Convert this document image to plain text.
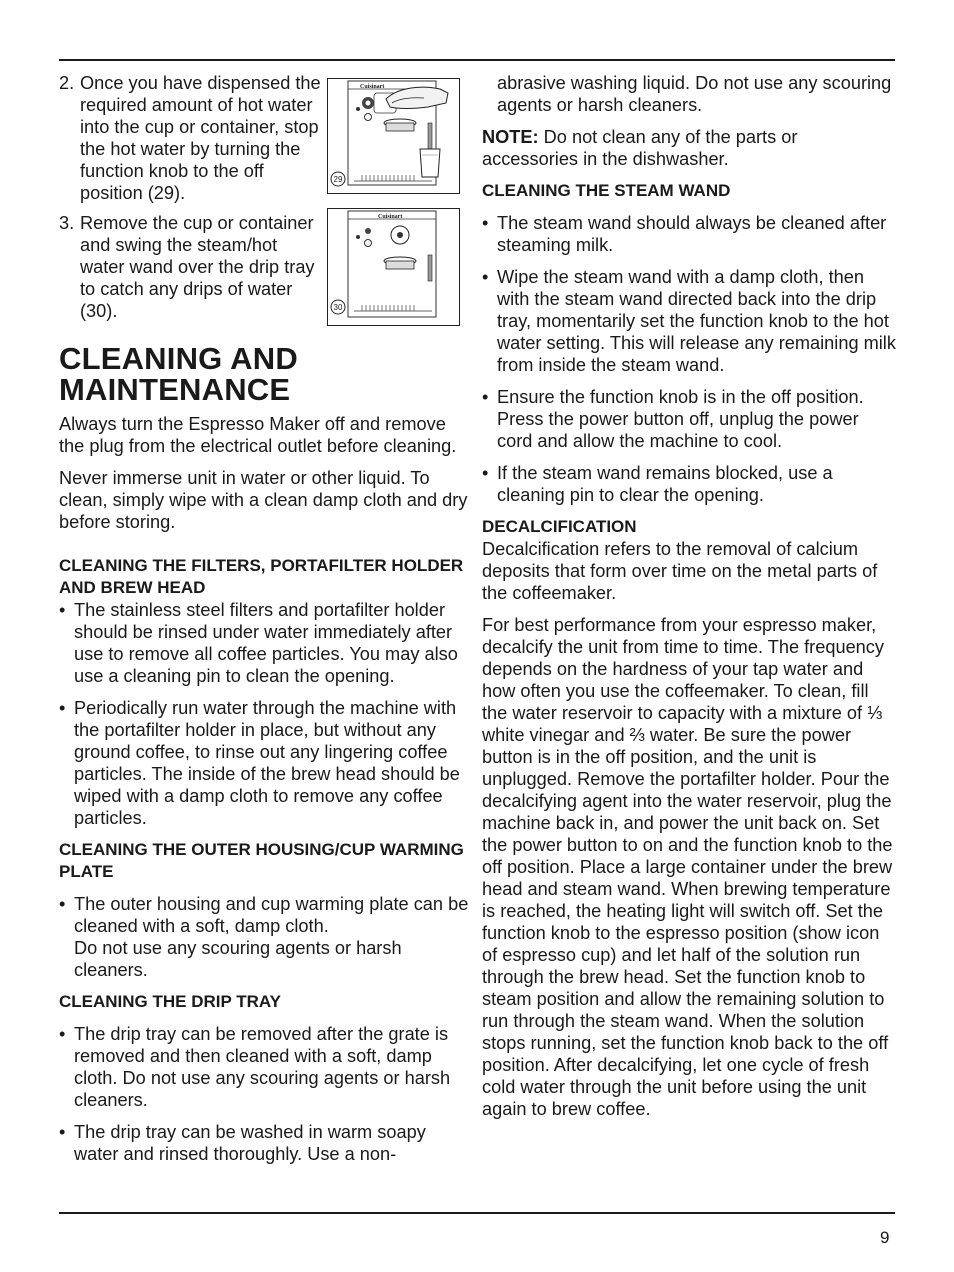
2. Once you have dispensed the required amount of hot water into the cup or container, stop the hot water by turning the function knob to the off position (29).
3. Remove the cup or container and swing the steam/hot water wand over the drip tray to catch any drips of water (30).
Cuisinart
29
Cuisinart
30
CLEANING AND
MAINTENANCE

Always turn the Espresso Maker off and remove the plug from the electrical outlet before cleaning.

Never immerse unit in water or other liquid. To clean, simply wipe with a clean damp cloth and dry before storing.

CLEANING THE FILTERS, PORTAFILTER HOLDER AND BREW HEAD
• The stainless steel filters and portafilter holder should be rinsed under water immediately after use to remove all coffee particles. You may also use a cleaning pin to clean the opening.
• Periodically run water through the machine with the portafilter holder in place, but without any ground coffee, to rinse out any lingering coffee particles. The inside of the brew head should be wiped with a damp cloth to remove any coffee particles.
CLEANING THE OUTER HOUSING/CUP WARMING PLATE
• The outer housing and cup warming plate can be cleaned with a soft, damp cloth.
Do not use any scouring agents or harsh cleaners.
CLEANING THE DRIP TRAY
• The drip tray can be removed after the grate is removed and then cleaned with a soft, damp cloth. Do not use any scouring agents or harsh cleaners.
• The drip tray can be washed in warm soapy water and rinsed thoroughly. Use a non-

abrasive washing liquid. Do not use any scouring agents or harsh cleaners.

NOTE: Do not clean any of the parts or accessories in the dishwasher.

CLEANING THE STEAM WAND
• The steam wand should always be cleaned after steaming milk.
• Wipe the steam wand with a damp cloth, then with the steam wand directed back into the drip tray, momentarily set the function knob to the hot water setting. This will release any remaining milk from inside the steam wand.
• Ensure the function knob is in the off position. Press the power button off, unplug the power cord and allow the machine to cool.
• If the steam wand remains blocked, use a cleaning pin to clear the opening.
DECALCIFICATION

Decalcification refers to the removal of calcium deposits that form over time on the metal parts of the coffeemaker.

For best performance from your espresso maker, decalcify the unit from time to time. The frequency depends on the hardness of your tap water and how often you use the coffeemaker. To clean, fill the water reservoir to capacity with a mixture of ⅓ white vinegar and ⅔ water. Be sure the power button is in the off position, and the unit is unplugged. Remove the portafilter holder. Pour the decalcifying agent into the water reservoir, plug the machine back in, and power the unit back on. Set the power button to on and the function knob to the off position. Place a large container under the brew head and steam wand. When brewing temperature is reached, the heating light will switch off. Set the function knob to the espresso position (show icon of espresso cup) and let half of the solution run through the brew head. Set the function knob to steam position and allow the remaining solution to run through the steam wand. When the solution stops running, set the function knob back to the off position. After decalcifying, let one cycle of fresh cold water through the unit before using the unit again to brew coffee.

9
